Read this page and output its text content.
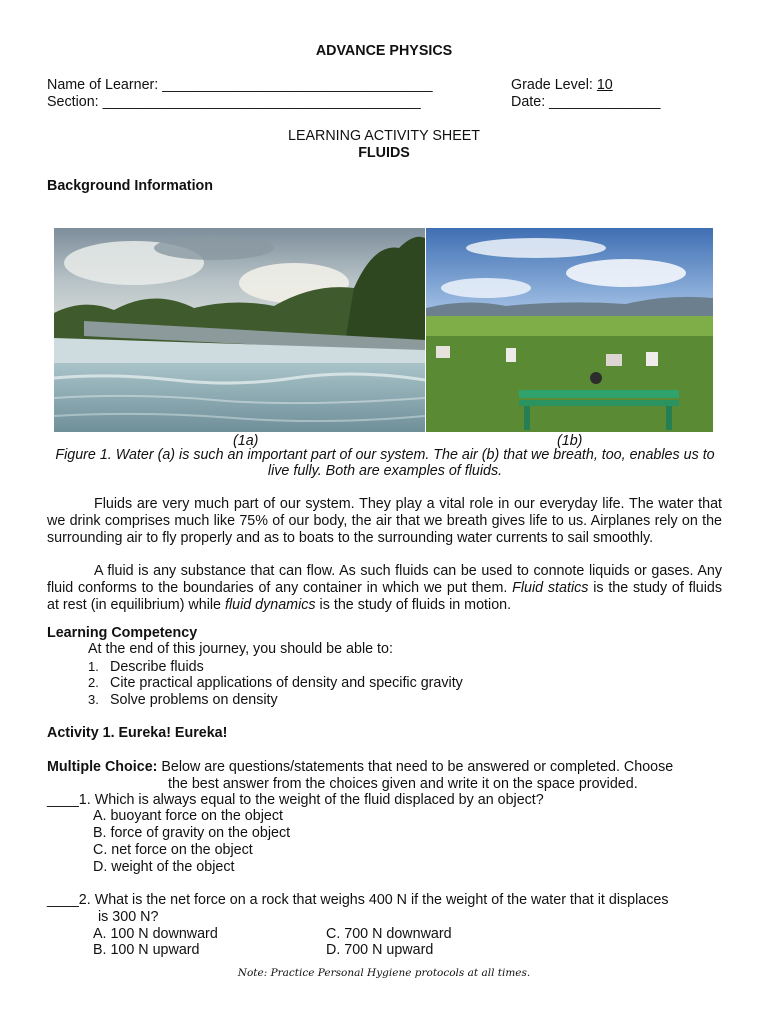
ADVANCE PHYSICS
Name of Learner: __________________________________	Grade Level: 10
Section: ________________________________________	Date: ______________
LEARNING ACTIVITY SHEET
FLUIDS
Background Information
(1a)	(1b)
Figure 1. Water (a) is such an important part of our system. The air (b) that we breath, too, enables us to live fully. Both are examples of fluids.

Fluids are very much part of our system. They play a vital role in our everyday life. The water that we drink comprises much like 75% of our body, the air that we breath gives life to us. Airplanes rely on the surrounding air to fly properly and as to boats to the surrounding water currents to sail smoothly.

A fluid is any substance that can flow. As such fluids can be used to connote liquids or gases. Any fluid conforms to the boundaries of any container in which we put them. Fluid statics is the study of fluids at rest (in equilibrium) while fluid dynamics is the study of fluids in motion.

Learning Competency
At the end of this journey, you should be able to:
1. Describe fluids
2. Cite practical applications of density and specific gravity
3. Solve problems on density
Activity 1. Eureka! Eureka!
Multiple Choice: Below are questions/statements that need to be answered or completed. Choose
the best answer from the choices given and write it on the space provided.
____1. Which is always equal to the weight of the fluid displaced by an object?
A. buoyant force on the object
B. force of gravity on the object
C. net force on the object
D. weight of the object
____2. What is the net force on a rock that weighs 400 N if the weight of the water that it displaces
is 300 N?
A. 100 N downward	C. 700 N downward
B. 100 N upward	D. 700 N upward
Note: Practice Personal Hygiene protocols at all times.
